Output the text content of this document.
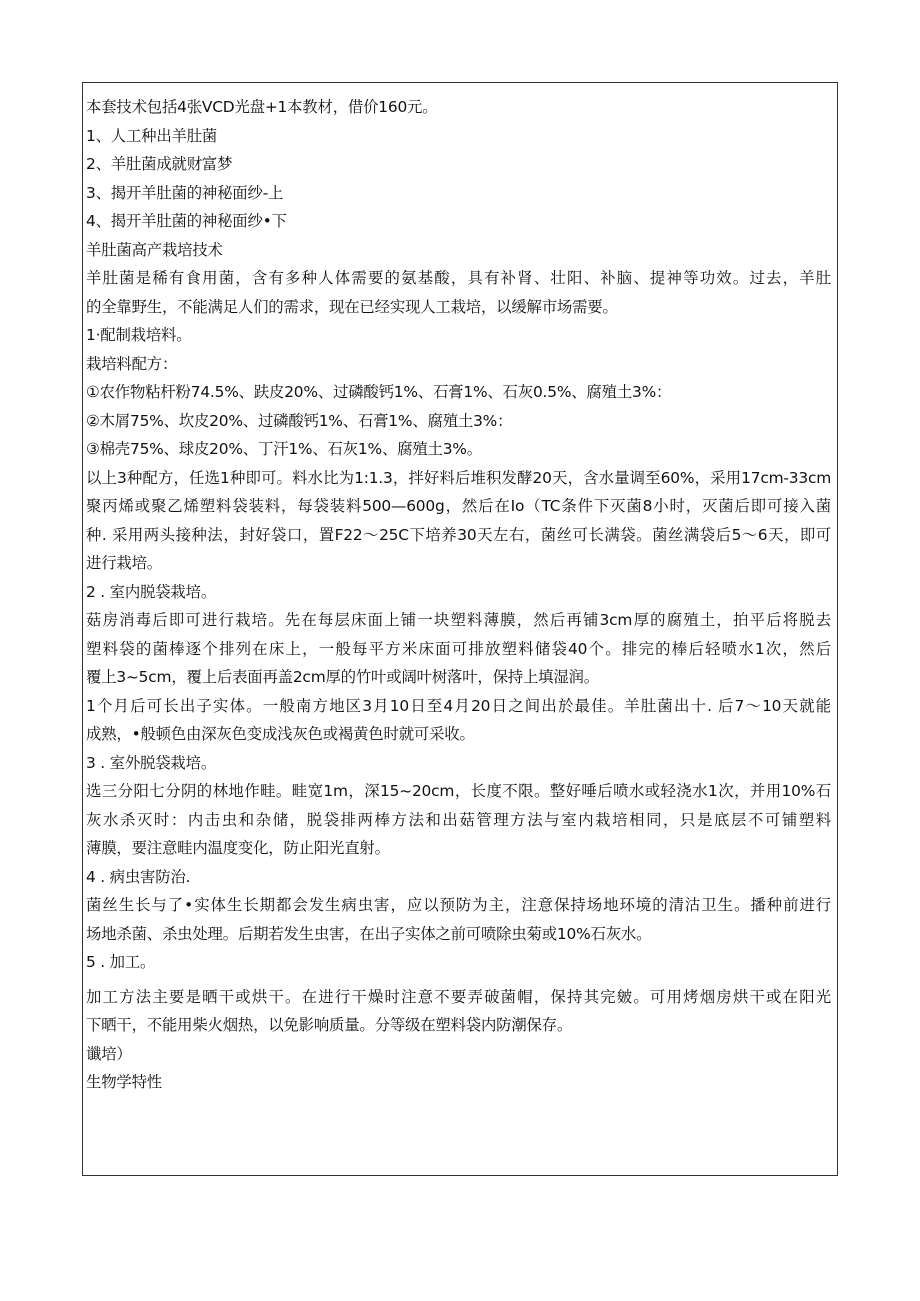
本套技术包括4张VCD光盘+1本教材，借价160元。
1、人工种出羊肚菌
2、羊肚菌成就财富梦
3、揭开羊肚菌的神秘面纱-上
4、揭开羊肚菌的神秘面纱•下
羊肚菌高产栽培技术
羊肚菌是稀有食用菌，含有多种人体需要的氨基酸，具有补肾、壮阳、补脑、提神等功效。过去，羊肚
的全靠野生，不能满足人们的需求，现在已经实现人工栽培，以缓解市场需要。
1·配制栽培料。
栽培料配方：
①农作物粘杆粉74.5%、趺皮20%、过磷酸钙1%、石膏1%、石灰0.5%、腐殖土3%：
②木屑75%、坎皮20%、过磷酸钙1%、石膏1%、腐殖土3%：
③棉壳75%、球皮20%、丁汗1%、石灰1%、腐殖土3%。
以上3种配方，任选1种即可。料水比为1:1.3，拌好料后堆积发酵20天，含水量调至60%，采用17cm-33cm
聚丙烯或聚乙烯塑料袋装料，每袋装料500—600g，然后在Io（TC条件下灭菌8小时，灭菌后即可接入菌
种. 采用两头接种法，封好袋口，置F22～25C下培养30天左右，菌丝可长满袋。菌丝满袋后5～6天，即可
进行栽培。
2 . 室内脱袋栽培。
菇房消毒后即可进行栽培。先在每层床面上铺一块塑料薄膜，然后再铺3cm厚的腐殖土，拍平后将脱去
塑料袋的菌棒逐个排列在床上，一般每平方米床面可排放塑料储袋40个。排完的棒后轻喷水1次，然后
覆上3~5cm，覆上后表面再盖2cm厚的竹叶或阔叶树落叶，保持上填湿润。
1个月后可长出子实体。一般南方地区3月10日至4月20日之间出於最佳。羊肚菌出十. 后7～10天就能
成熟，•般顿色由深灰色变成浅灰色或褐黄色时就可采收。
3 . 室外脱袋栽培。
选三分阳七分阴的林地作畦。畦宽1m，深15~20cm，长度不限。整好唾后喷水或轻浇水1次，并用10%石
灰水杀灭时：内击虫和杂储，脱袋排两棒方法和出菇管理方法与室内栽培相同，只是底层不可铺塑料
薄膜，要注意畦内温度变化，防止阳光直射。
4 . 病虫害防治.
菌丝生长与了•实体生长期都会发生病虫害，应以预防为主，注意保持场地环境的清沽卫生。播种前进行
场地杀菌、杀虫处理。后期若发生虫害，在出子实体之前可喷除虫菊或10%石灰水。
5 . 加工。
加工方法主要是晒干或烘干。在进行干燥时注意不要弄破菌帽，保持其完皴。可用烤烟房烘干或在阳光
下晒干，不能用柴火烟热，以免影响质量。分等级在塑料袋内防潮保存。
谶培）
生物学特性
